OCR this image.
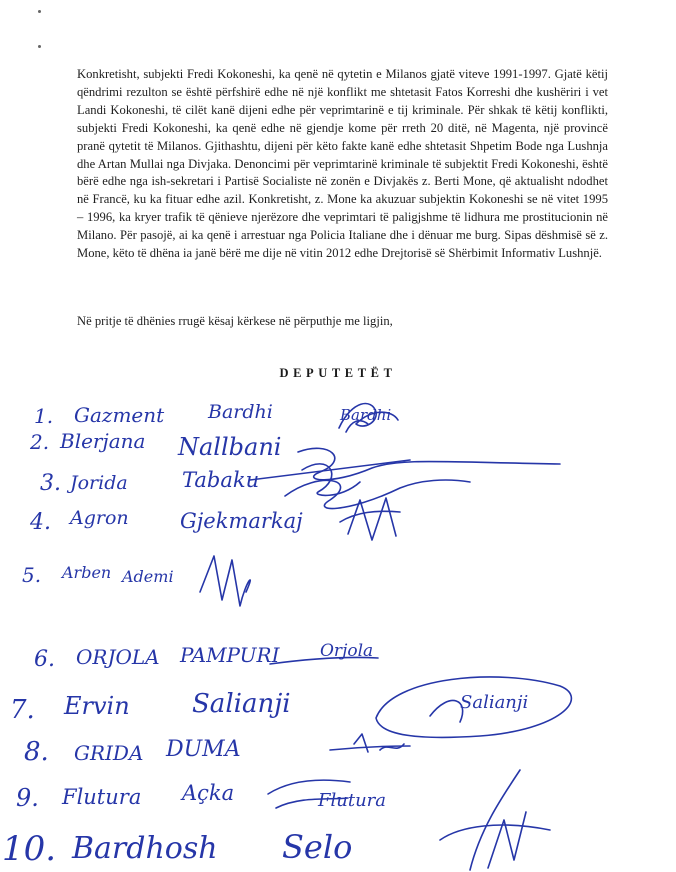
Konkretisht, subjekti Fredi Kokoneshi, ka qenë në qytetin e Milanos gjatë viteve 1991-1997. Gjatë këtij qëndrimi rezulton se është përfshirë edhe në një konflikt me shtetasit Fatos Korreshi dhe kushëriri i vet Landi Kokoneshi, të cilët kanë dijeni edhe për veprimtarinë e tij kriminale. Për shkak të këtij konflikti, subjekti Fredi Kokoneshi, ka qenë edhe në gjendje kome për rreth 20 ditë, në Magenta, një provincë pranë qytetit të Milanos. Gjithashtu, dijeni për këto fakte kanë edhe shtetasit Shpetim Bode nga Lushnja dhe Artan Mullai nga Divjaka. Denoncimi për veprimtarinë kriminale të subjektit Fredi Kokoneshi, është bërë edhe nga ish-sekretari i Partisë Socialiste në zonën e Divjakës z. Berti Mone, që aktualisht ndodhet në Francë, ku ka fituar edhe azil. Konkretisht, z. Mone ka akuzuar subjektin Kokoneshi se në vitet 1995 – 1996, ka kryer trafik të qënieve njerëzore dhe veprimtari të paligjshme të lidhura me prostitucionin në Milano. Për pasojë, ai ka qenë i arrestuar nga Policia Italiane dhe i dënuar me burg. Sipas dëshmisë së z. Mone, këto të dhëna ia janë bërë me dije në vitin 2012 edhe Drejtorisë së Shërbimit Informativ Lushnjë.

Në pritje të dhënies rrugë kësaj kërkese në përputhje me ligjin,
DEPUTETËT
1. Gazment Bardhi	Bardhi
2. Blerjana Nallbani
3. Jorida	Tabaku
4. Agron Gjekmarkaj
5. Arben Ademi
6. ORJOLA PAMPURI Orjola
7. Ervin Salianji	Salianji
8. GRIDA DUMA
9. Flutura Açka	Flutura
10. Bardhosh Selo
